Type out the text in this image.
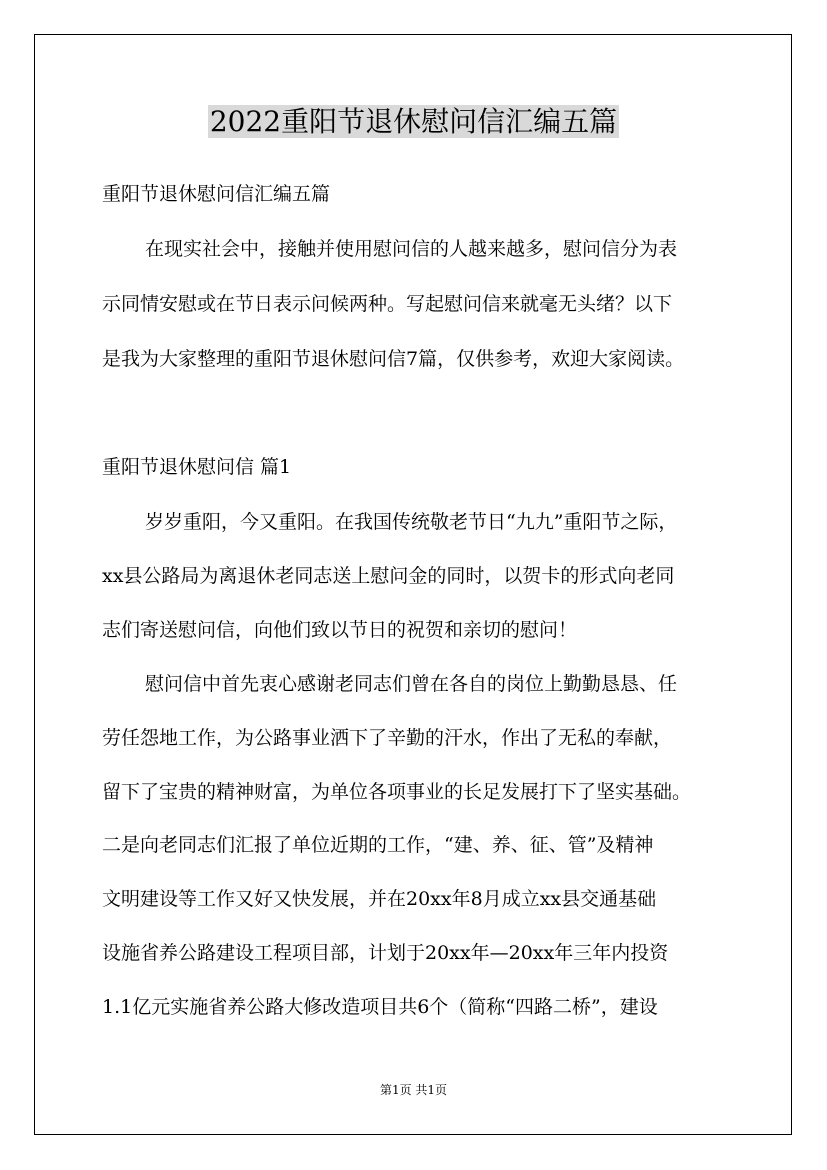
2022重阳节退休慰问信汇编五篇
重阳节退休慰问信汇编五篇
在现实社会中，接触并使用慰问信的人越来越多，慰问信分为表
示同情安慰或在节日表示问候两种。写起慰问信来就毫无头绪？以下
是我为大家整理的重阳节退休慰问信7篇，仅供参考，欢迎大家阅读。
重阳节退休慰问信 篇1
岁岁重阳，今又重阳。在我国传统敬老节日“九九”重阳节之际，
xx县公路局为离退休老同志送上慰问金的同时，以贺卡的形式向老同
志们寄送慰问信，向他们致以节日的祝贺和亲切的慰问！
慰问信中首先衷心感谢老同志们曾在各自的岗位上勤勤恳恳、任
劳任怨地工作，为公路事业洒下了辛勤的汗水，作出了无私的奉献，
留下了宝贵的精神财富，为单位各项事业的长足发展打下了坚实基础。
二是向老同志们汇报了单位近期的工作，“建、养、征、管”及精神
文明建设等工作又好又快发展，并在20xx年8月成立xx县交通基础
设施省养公路建设工程项目部，计划于20xx年—20xx年三年内投资
1.1亿元实施省养公路大修改造项目共6个（简称“四路二桥”，建设
第1页 共1页
